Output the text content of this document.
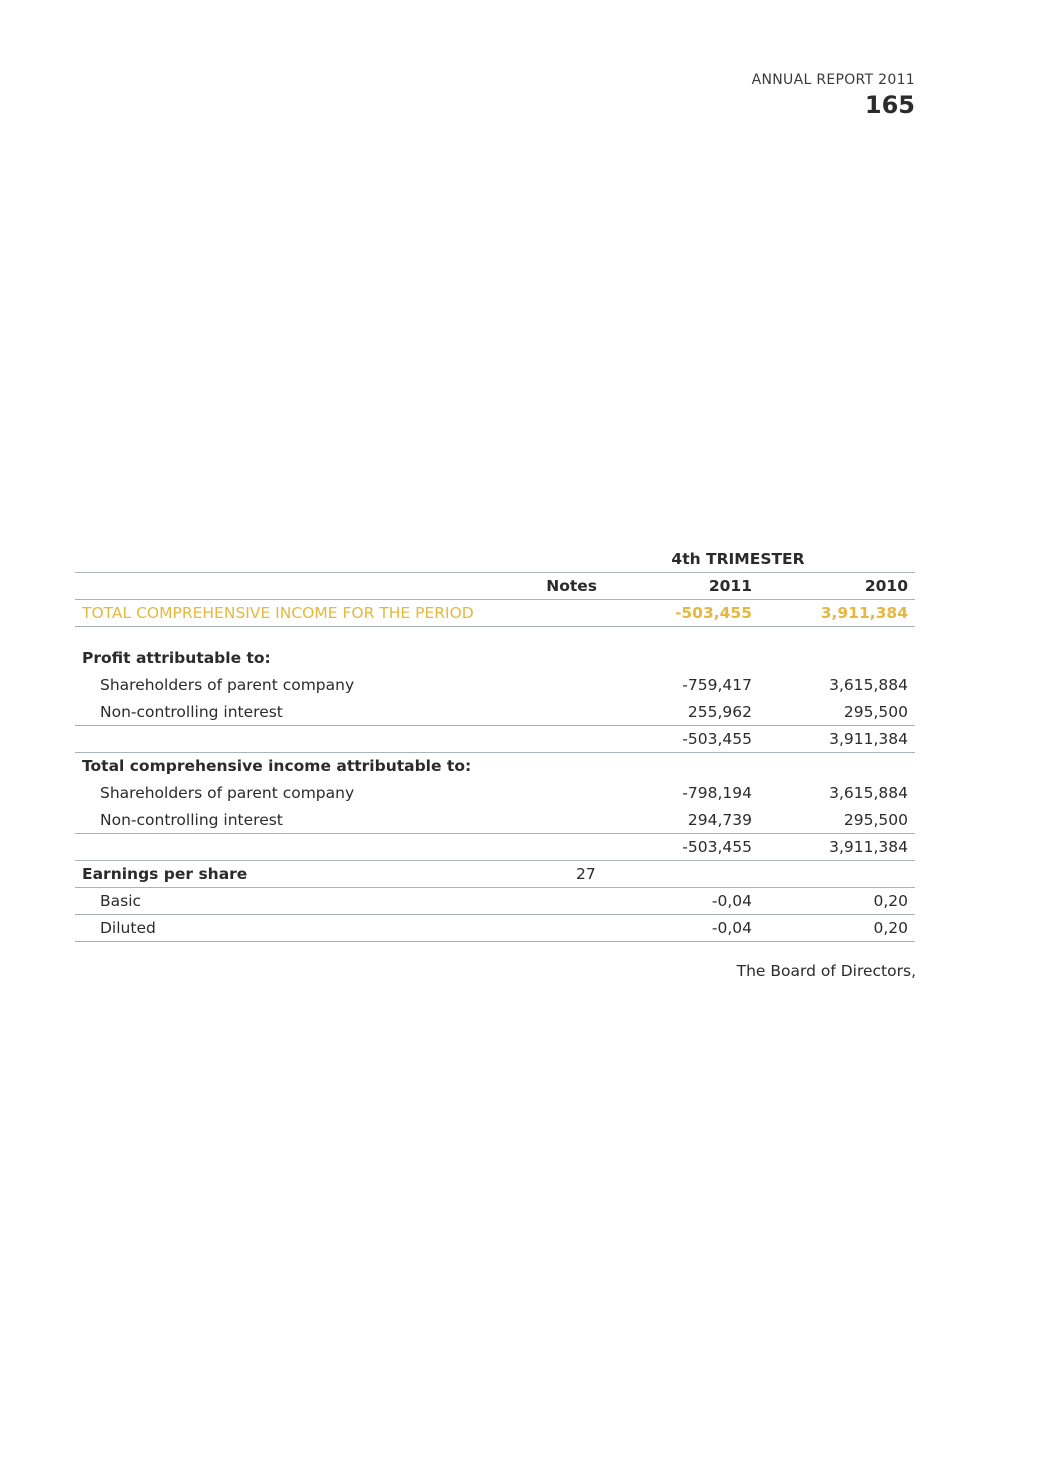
ANNUAL REPORT 2011
165
4th TRIMESTER
Notes	2011	2010
TOTAL COMPREHENSIVE INCOME FOR THE PERIOD	-503,455	3,911,384
Profit attributable to:
Shareholders of parent company	-759,417	3,615,884
Non-controlling interest	255,962	295,500
-503,455	3,911,384
Total comprehensive income attributable to:
Shareholders of parent company	-798,194	3,615,884
Non-controlling interest	294,739	295,500
-503,455	3,911,384
Earnings per share	27
Basic	-0,04	0,20
Diluted	-0,04	0,20
The Board of Directors,
